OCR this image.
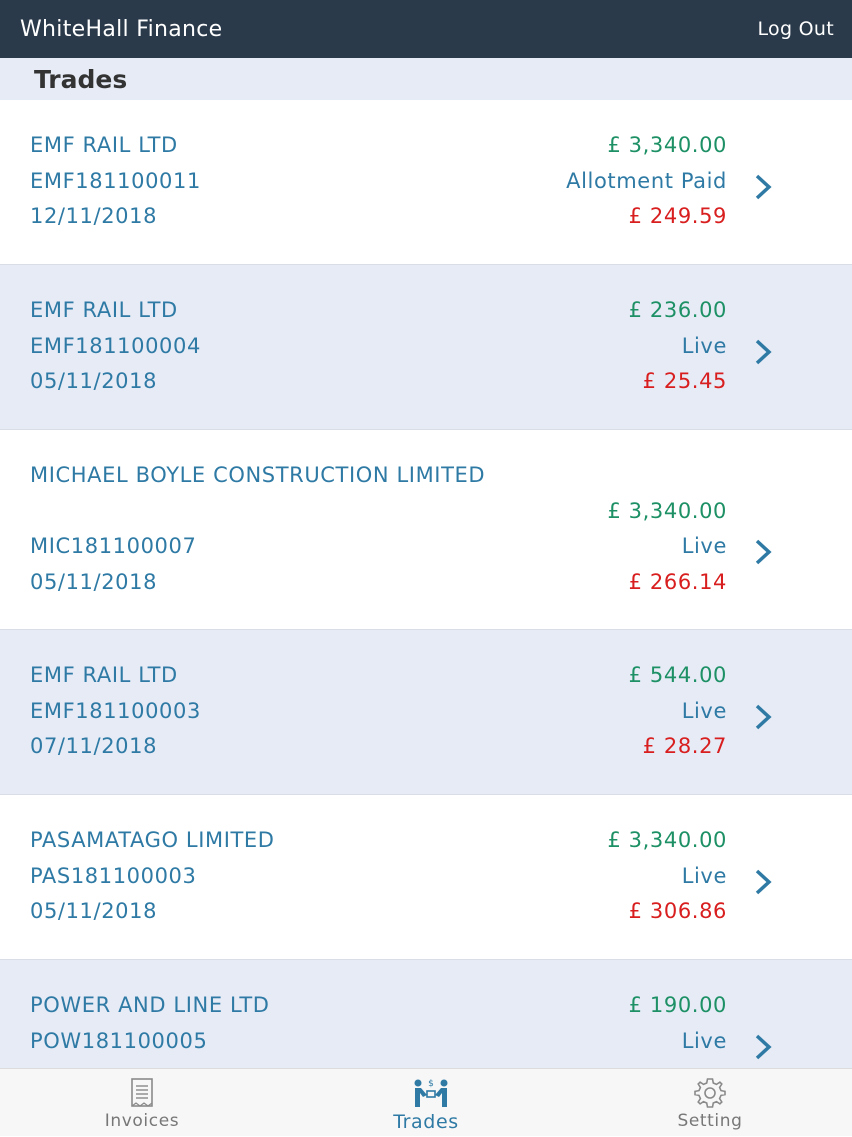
WhiteHall Finance	Log Out
Trades
EMF RAIL LTD	£ 3,340.00
EMF181100011	Allotment Paid
12/11/2018	£ 249.59
EMF RAIL LTD	£ 236.00
EMF181100004	Live
05/11/2018	£ 25.45
MICHAEL BOYLE CONSTRUCTION LIMITED
£ 3,340.00
MIC181100007	Live
05/11/2018	£ 266.14
EMF RAIL LTD	£ 544.00
EMF181100003	Live
07/11/2018	£ 28.27
PASAMATAGO LIMITED	£ 3,340.00
PAS181100003	Live
05/11/2018	£ 306.86
POWER AND LINE LTD	£ 190.00
POW181100005	Live
Invoices
$
Trades	Setting
